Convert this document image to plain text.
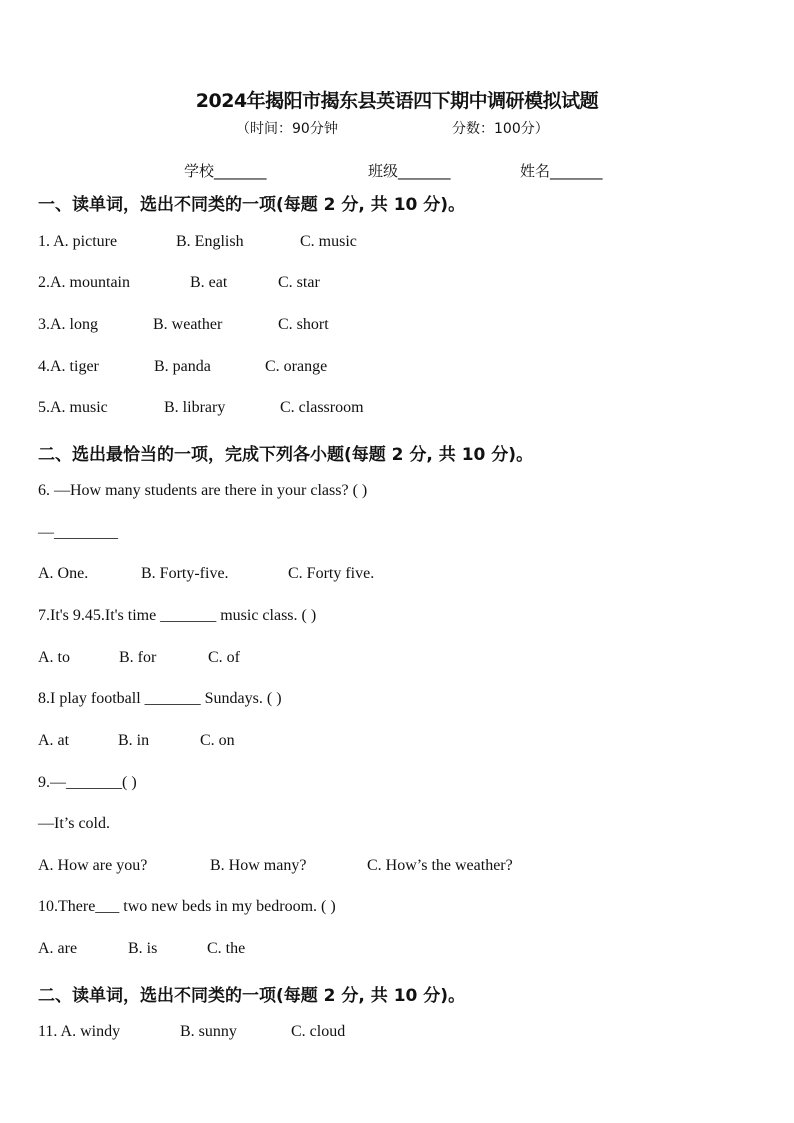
2024年揭阳市揭东县英语四下期中调研模拟试题
（时间：90分钟	分数：100分）
学校_______	班级_______	姓名_______
一、读单词，选出不同类的一项(每题 2 分, 共 10 分)。
1. A. picture	B. English	C. music
2.A. mountain	B. eat	C. star
3.A. long	B. weather	C. short
4.A. tiger	B. panda	C. orange
5.A. music	B. library	C. classroom
二、选出最恰当的一项，完成下列各小题(每题 2 分, 共 10 分)。
6. —How many students are there in your class? ( )
—________
A. One.	B. Forty-five.	C. Forty five.
7.It's 9.45.It's time _______ music class. ( )
A. to	B. for	C. of
8.I play football _______ Sundays. ( )
A. at	B. in	C. on
9.—_______( )
—It’s cold.
A. How are you?	B. How many?	C. How’s the weather?
10.There___ two new beds in my bedroom. ( )
A. are	B. is	C. the
二、读单词，选出不同类的一项(每题 2 分, 共 10 分)。
11. A. windy	B. sunny	C. cloud
